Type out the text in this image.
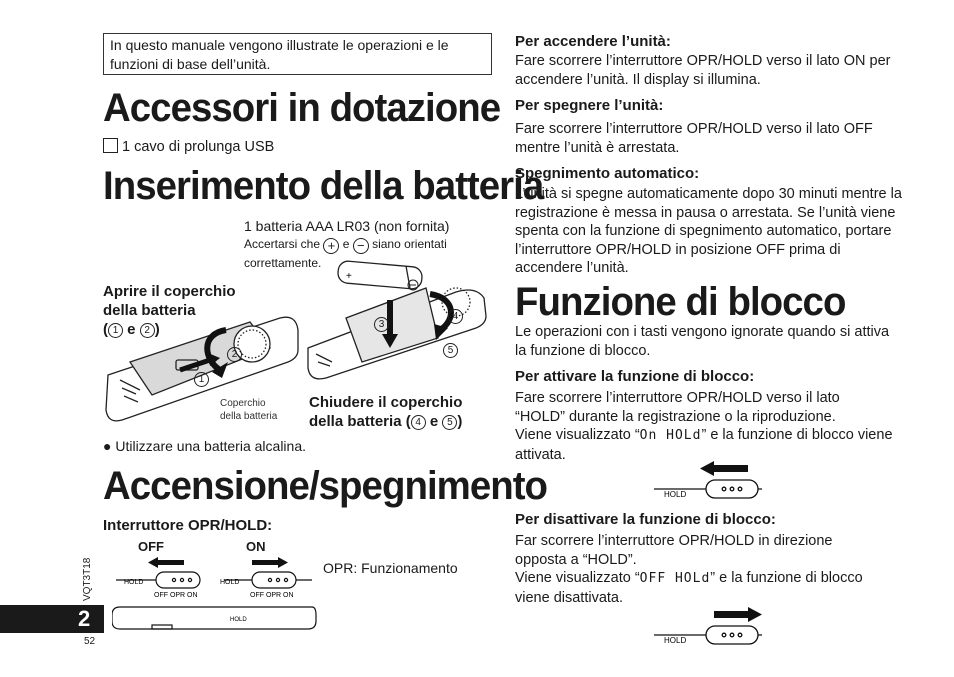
In questo manuale vengono illustrate le operazioni e le funzioni di base dell’unità.
Accessori in dotazione
1 cavo di prolunga USB
Inserimento della batteria
1 batteria AAA LR03 (non fornita)
Accertarsi che + e − siano orientati
correttamente.
Aprire il coperchio
della batteria
( 1 e 2 )
1
2
Coperchio
della batteria
+
3
4
5
Chiudere il coperchio
della batteria ( 4 e 5 )
● Utilizzare una batteria alcalina.
Accensione/spegnimento
Interruttore OPR/HOLD:
OFF	ON
OPR: Funzionamento
HOLD	HOLD
OFF OPR ON	OFF OPR ON
HOLD
Per accendere l’unità:
Fare scorrere l’interruttore OPR/HOLD verso il lato ON per accendere l’unità. Il display si illumina.
Per spegnere l’unità:
Fare scorrere l’interruttore OPR/HOLD verso il lato OFF mentre l’unità è arrestata.
Spegnimento automatico:
L’unità si spegne automaticamente dopo 30 minuti mentre la registrazione è messa in pausa o arrestata. Se l’unità viene spenta con la funzione di spegnimento automatico, portare l’interruttore OPR/HOLD in posizione OFF prima di accendere l’unità.
Funzione di blocco
Le operazioni con i tasti vengono ignorate quando si attiva la funzione di blocco.
Per attivare la funzione di blocco:
Fare scorrere l’interruttore OPR/HOLD verso il lato “HOLD” durante la registrazione o la riproduzione.
Viene visualizzato “On HOLd” e la funzione di blocco viene attivata.
HOLD
Per disattivare la funzione di blocco:
Far scorrere l’interruttore OPR/HOLD in direzione opposta a “HOLD”.
Viene visualizzato “OFF HOLd” e la funzione di blocco viene disattivata.
HOLD
VQT3T18
2
52
